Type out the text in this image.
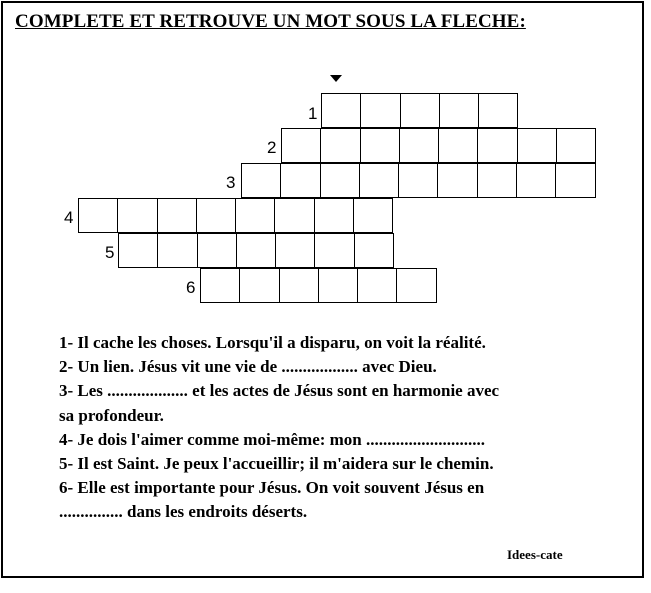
COMPLETE ET RETROUVE UN MOT SOUS LA FLECHE:
1
2
3
4
5
6
1- Il cache les choses. Lorsqu'il a disparu, on voit la réalité.
2- Un lien. Jésus vit une vie de .................. avec Dieu.
3- Les ................... et les actes de Jésus sont en harmonie avec
sa profondeur.
4- Je dois l'aimer comme moi-même: mon ............................
5- Il est Saint. Je peux l'accueillir; il m'aidera sur le chemin.
6- Elle est importante pour Jésus. On voit souvent Jésus en
............... dans les endroits déserts.
Idees-cate
